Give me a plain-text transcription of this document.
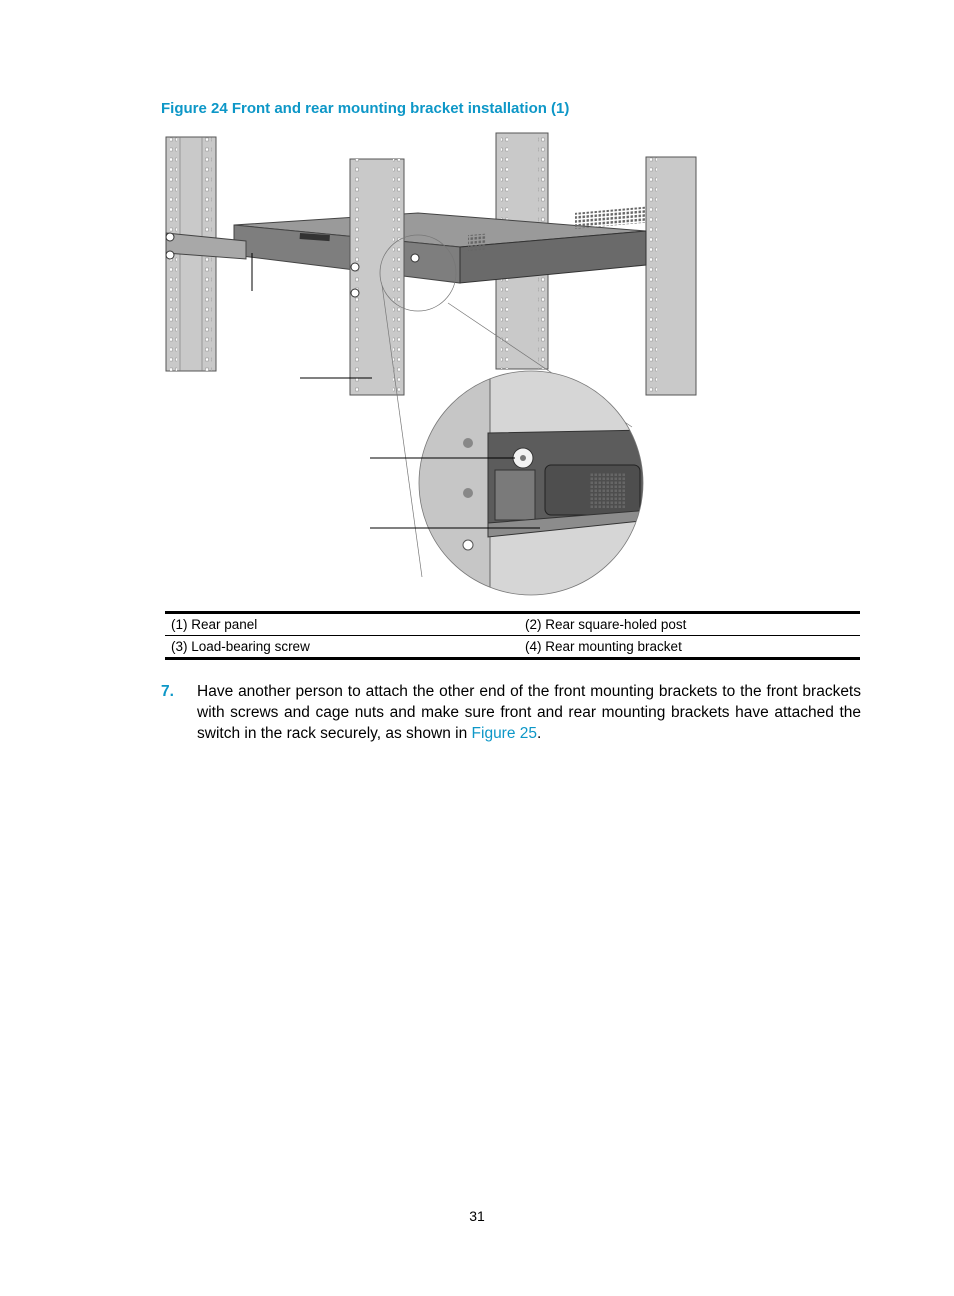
Figure 24 Front and rear mounting bracket installation (1)
(1) Rear panel	(2) Rear square-holed post
(3) Load-bearing screw	(4) Rear mounting bracket
7. Have another person to attach the other end of the front mounting brackets to the front brackets with screws and cage nuts and make sure front and rear mounting brackets have attached the switch in the rack securely, as shown in Figure 25.
31
